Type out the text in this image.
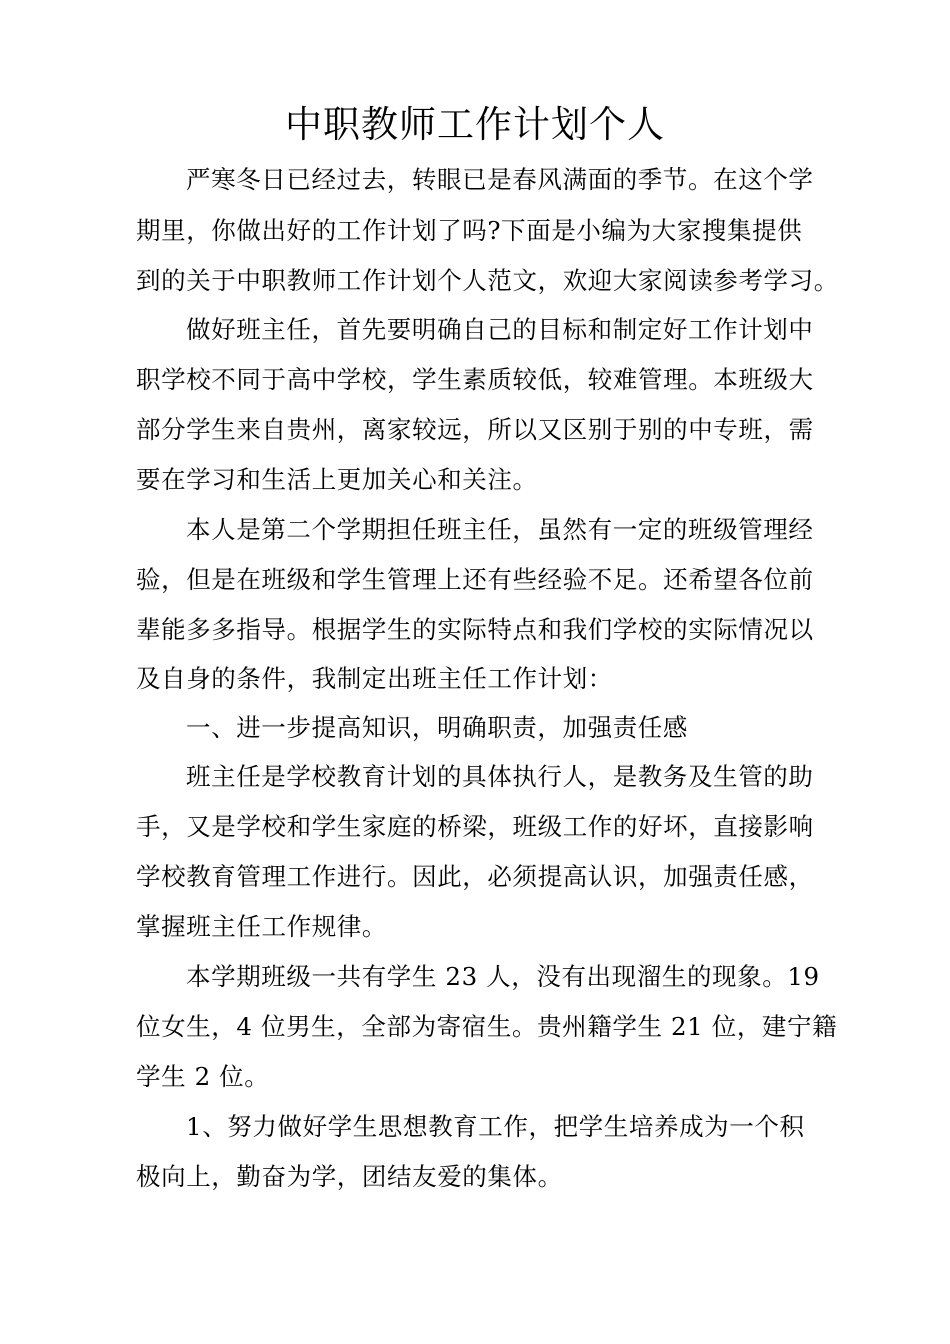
中职教师工作计划个人
严寒冬日已经过去，转眼已是春风满面的季节。在这个学
期里，你做出好的工作计划了吗?下面是小编为大家搜集提供
到的关于中职教师工作计划个人范文，欢迎大家阅读参考学习。
做好班主任，首先要明确自己的目标和制定好工作计划中
职学校不同于高中学校，学生素质较低，较难管理。本班级大
部分学生来自贵州，离家较远，所以又区别于别的中专班，需
要在学习和生活上更加关心和关注。
本人是第二个学期担任班主任，虽然有一定的班级管理经
验，但是在班级和学生管理上还有些经验不足。还希望各位前
辈能多多指导。根据学生的实际特点和我们学校的实际情况以
及自身的条件，我制定出班主任工作计划：
一、进一步提高知识，明确职责，加强责任感
班主任是学校教育计划的具体执行人，是教务及生管的助
手，又是学校和学生家庭的桥梁，班级工作的好坏，直接影响
学校教育管理工作进行。因此，必须提高认识，加强责任感，
掌握班主任工作规律。
本学期班级一共有学生 23 人，没有出现溜生的现象。19
位女生，4 位男生，全部为寄宿生。贵州籍学生 21 位，建宁籍
学生 2 位。
1、努力做好学生思想教育工作，把学生培养成为一个积
极向上，勤奋为学，团结友爱的集体。
